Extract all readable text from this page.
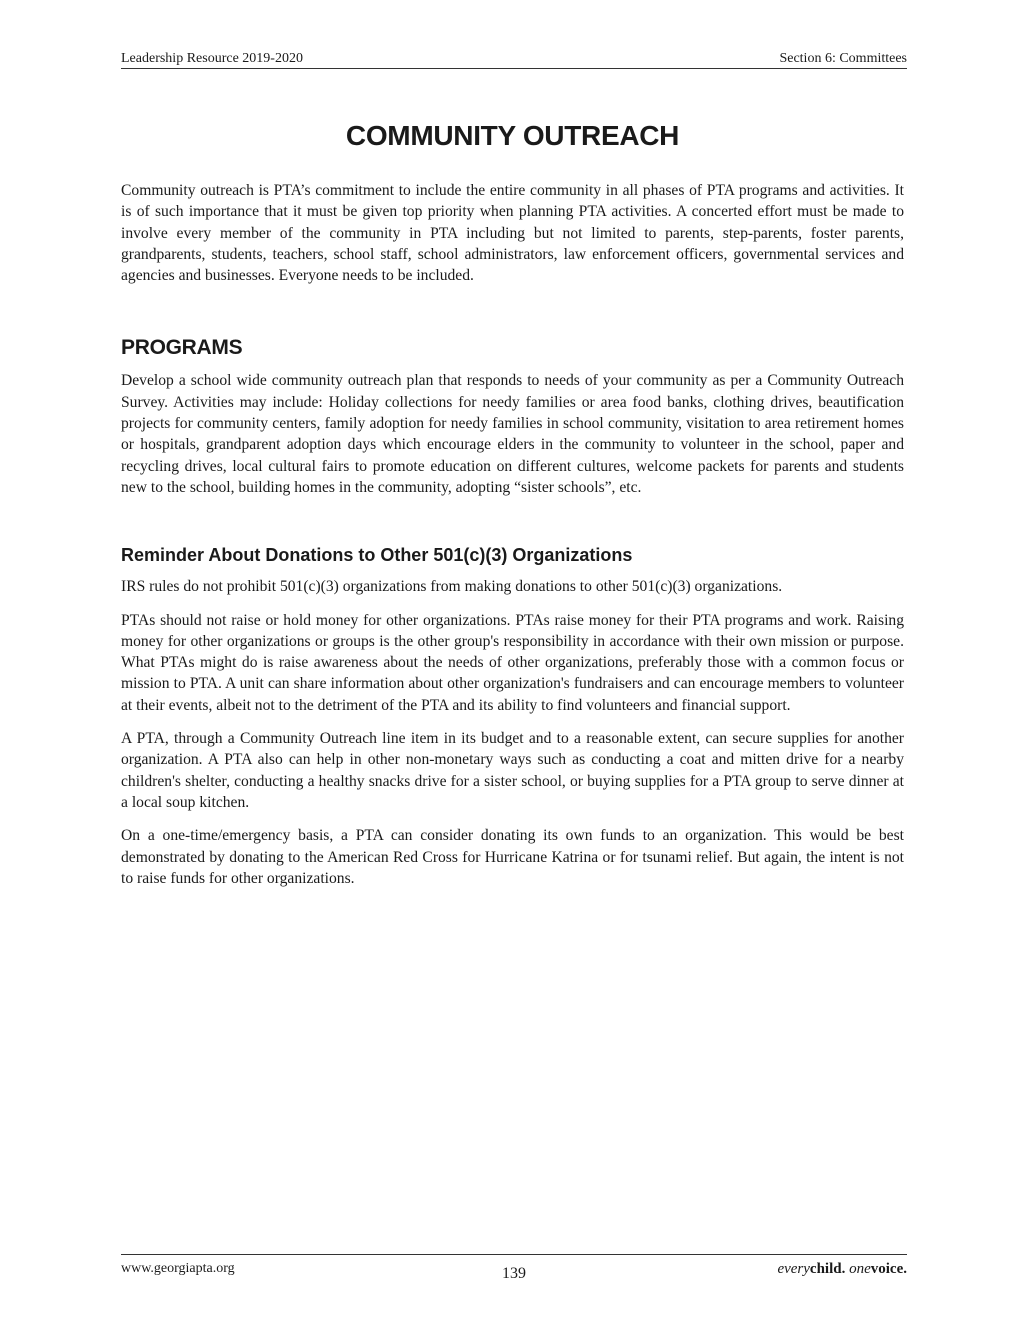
Leadership Resource 2019-2020	Section 6: Committees
COMMUNITY OUTREACH

Community outreach is PTA’s commitment to include the entire community in all phases of PTA programs and activities. It is of such importance that it must be given top priority when planning PTA activities. A concerted effort must be made to involve every member of the community in PTA including but not limited to parents, step-parents, foster parents, grandparents, students, teachers, school staff, school administrators, law enforcement officers, governmental services and agencies and businesses. Everyone needs to be included.

PROGRAMS

Develop a school wide community outreach plan that responds to needs of your community as per a Community Outreach Survey. Activities may include: Holiday collections for needy families or area food banks, clothing drives, beautification projects for community centers, family adoption for needy families in school community, visitation to area retirement homes or hospitals, grandparent adoption days which encourage elders in the community to volunteer in the school, paper and recycling drives, local cultural fairs to promote education on different cultures, welcome packets for parents and students new to the school, building homes in the community, adopting “sister schools”, etc.

Reminder About Donations to Other 501(c)(3) Organizations

IRS rules do not prohibit 501(c)(3) organizations from making donations to other 501(c)(3) organizations.

PTAs should not raise or hold money for other organizations. PTAs raise money for their PTA programs and work. Raising money for other organizations or groups is the other group's responsibility in accordance with their own mission or purpose. What PTAs might do is raise awareness about the needs of other organizations, preferably those with a common focus or mission to PTA. A unit can share information about other organization's fundraisers and can encourage members to volunteer at their events, albeit not to the detriment of the PTA and its ability to find volunteers and financial support.

A PTA, through a Community Outreach line item in its budget and to a reasonable extent, can secure supplies for another organization. A PTA also can help in other non-monetary ways such as conducting a coat and mitten drive for a nearby children's shelter, conducting a healthy snacks drive for a sister school, or buying supplies for a PTA group to serve dinner at a local soup kitchen.

On a one-time/emergency basis, a PTA can consider donating its own funds to an organization. This would be best demonstrated by donating to the American Red Cross for Hurricane Katrina or for tsunami relief. But again, the intent is not to raise funds for other organizations.

www.georgiapta.org	139	everychild. onevoice.
